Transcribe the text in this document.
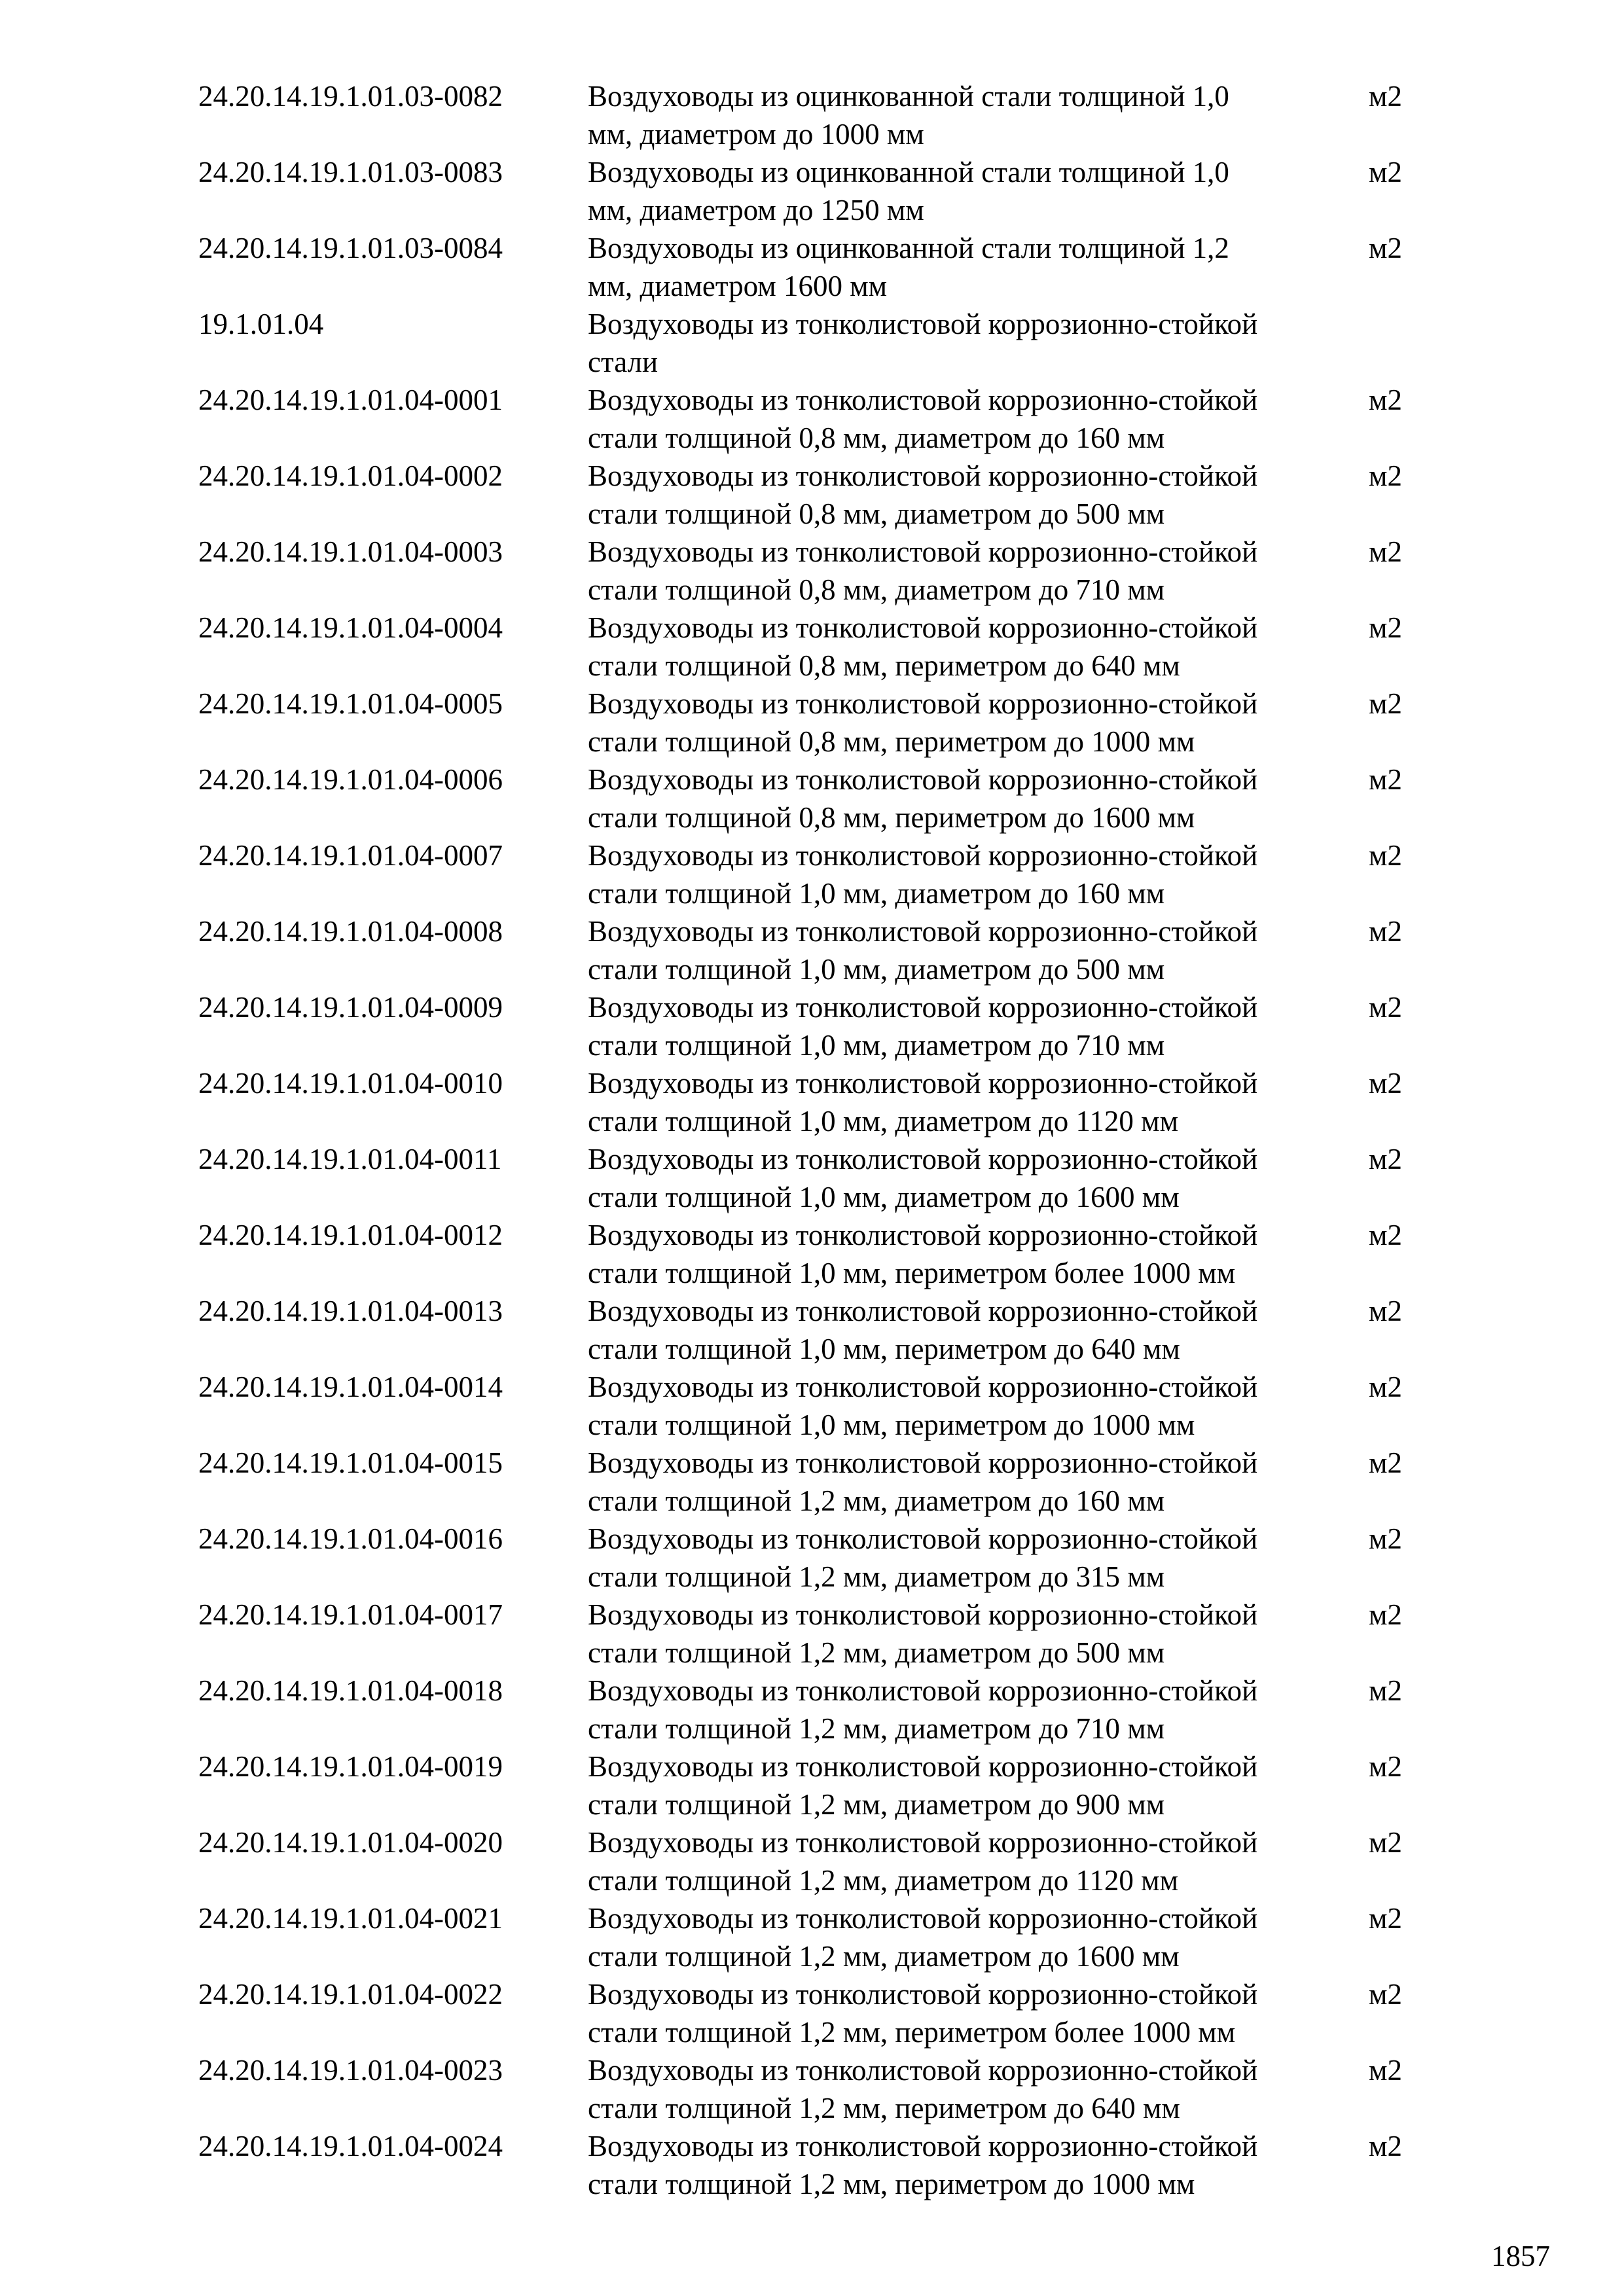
24.20.14.19.1.01.03-0082	Воздуховоды из оцинкованной стали толщиной 1,0
мм, диаметром до 1000 мм
м2
24.20.14.19.1.01.03-0083	Воздуховоды из оцинкованной стали толщиной 1,0
мм, диаметром до 1250 мм
м2
24.20.14.19.1.01.03-0084	Воздуховоды из оцинкованной стали толщиной 1,2
мм, диаметром 1600 мм
м2
19.1.01.04	Воздуховоды из тонколистовой коррозионно-стойкой
стали
24.20.14.19.1.01.04-0001	Воздуховоды из тонколистовой коррозионно-стойкой
стали толщиной 0,8 мм, диаметром до 160 мм
м2
24.20.14.19.1.01.04-0002	Воздуховоды из тонколистовой коррозионно-стойкой
стали толщиной 0,8 мм, диаметром до 500 мм
м2
24.20.14.19.1.01.04-0003	Воздуховоды из тонколистовой коррозионно-стойкой
стали толщиной 0,8 мм, диаметром до 710 мм
м2
24.20.14.19.1.01.04-0004	Воздуховоды из тонколистовой коррозионно-стойкой
стали толщиной 0,8 мм, периметром до 640 мм
м2
24.20.14.19.1.01.04-0005	Воздуховоды из тонколистовой коррозионно-стойкой
стали толщиной 0,8 мм, периметром до 1000 мм
м2
24.20.14.19.1.01.04-0006	Воздуховоды из тонколистовой коррозионно-стойкой
стали толщиной 0,8 мм, периметром до 1600 мм
м2
24.20.14.19.1.01.04-0007	Воздуховоды из тонколистовой коррозионно-стойкой
стали толщиной 1,0 мм, диаметром до 160 мм
м2
24.20.14.19.1.01.04-0008	Воздуховоды из тонколистовой коррозионно-стойкой
стали толщиной 1,0 мм, диаметром до 500 мм
м2
24.20.14.19.1.01.04-0009	Воздуховоды из тонколистовой коррозионно-стойкой
стали толщиной 1,0 мм, диаметром до 710 мм
м2
24.20.14.19.1.01.04-0010	Воздуховоды из тонколистовой коррозионно-стойкой
стали толщиной 1,0 мм, диаметром до 1120 мм
м2
24.20.14.19.1.01.04-0011	Воздуховоды из тонколистовой коррозионно-стойкой
стали толщиной 1,0 мм, диаметром до 1600 мм
м2
24.20.14.19.1.01.04-0012	Воздуховоды из тонколистовой коррозионно-стойкой
стали толщиной 1,0 мм, периметром более 1000 мм
м2
24.20.14.19.1.01.04-0013	Воздуховоды из тонколистовой коррозионно-стойкой
стали толщиной 1,0 мм, периметром до 640 мм
м2
24.20.14.19.1.01.04-0014	Воздуховоды из тонколистовой коррозионно-стойкой
стали толщиной 1,0 мм, периметром до 1000 мм
м2
24.20.14.19.1.01.04-0015	Воздуховоды из тонколистовой коррозионно-стойкой
стали толщиной 1,2 мм, диаметром до 160 мм
м2
24.20.14.19.1.01.04-0016	Воздуховоды из тонколистовой коррозионно-стойкой
стали толщиной 1,2 мм, диаметром до 315 мм
м2
24.20.14.19.1.01.04-0017	Воздуховоды из тонколистовой коррозионно-стойкой
стали толщиной 1,2 мм, диаметром до 500 мм
м2
24.20.14.19.1.01.04-0018	Воздуховоды из тонколистовой коррозионно-стойкой
стали толщиной 1,2 мм, диаметром до 710 мм
м2
24.20.14.19.1.01.04-0019	Воздуховоды из тонколистовой коррозионно-стойкой
стали толщиной 1,2 мм, диаметром до 900 мм
м2
24.20.14.19.1.01.04-0020	Воздуховоды из тонколистовой коррозионно-стойкой
стали толщиной 1,2 мм, диаметром до 1120 мм
м2
24.20.14.19.1.01.04-0021	Воздуховоды из тонколистовой коррозионно-стойкой
стали толщиной 1,2 мм, диаметром до 1600 мм
м2
24.20.14.19.1.01.04-0022	Воздуховоды из тонколистовой коррозионно-стойкой
стали толщиной 1,2 мм, периметром более 1000 мм
м2
24.20.14.19.1.01.04-0023	Воздуховоды из тонколистовой коррозионно-стойкой
стали толщиной 1,2 мм, периметром до 640 мм
м2
24.20.14.19.1.01.04-0024	Воздуховоды из тонколистовой коррозионно-стойкой
стали толщиной 1,2 мм, периметром до 1000 мм
м2
1857
